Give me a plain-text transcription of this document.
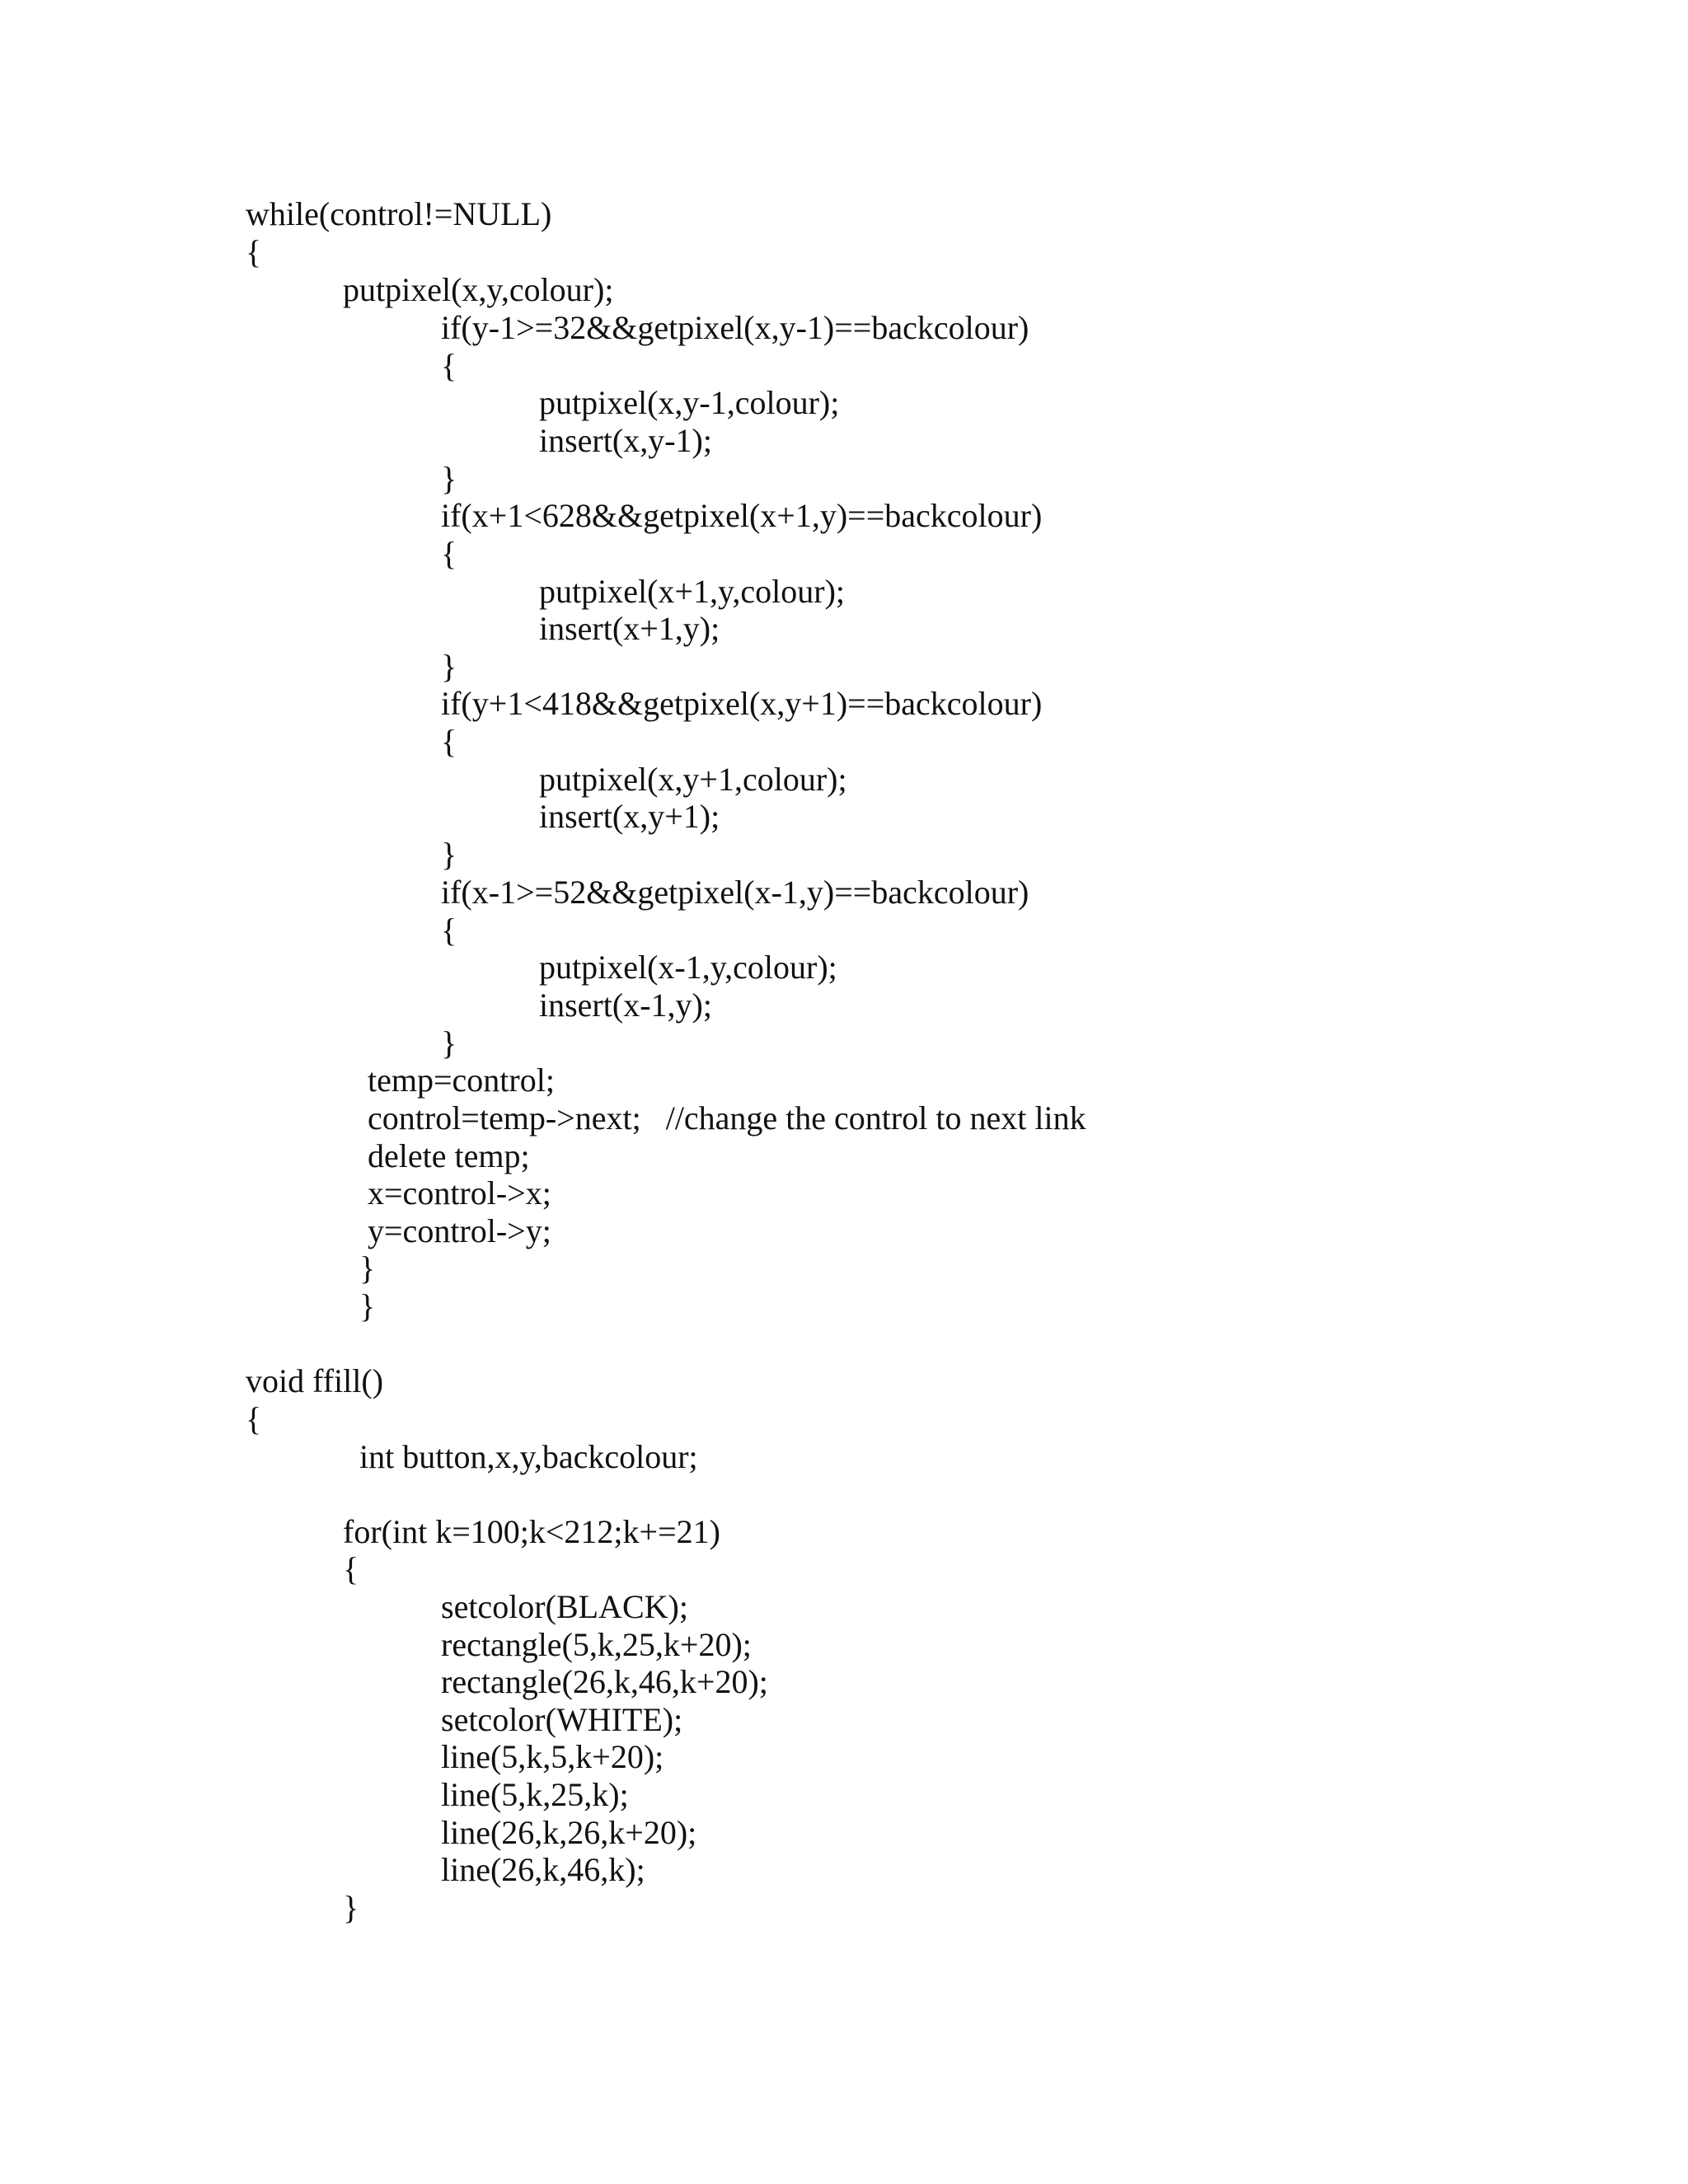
while(control!=NULL)

{

putpixel(x,y,colour);

if(y-1>=32&&getpixel(x,y-1)==backcolour)

{

putpixel(x,y-1,colour);

insert(x,y-1);

}

if(x+1<628&&getpixel(x+1,y)==backcolour)

{

putpixel(x+1,y,colour);

insert(x+1,y);

}

if(y+1<418&&getpixel(x,y+1)==backcolour)

{

putpixel(x,y+1,colour);

insert(x,y+1);

}

if(x-1>=52&&getpixel(x-1,y)==backcolour)

{

putpixel(x-1,y,colour);

insert(x-1,y);

}

temp=control;

control=temp->next;   //change the control to next link

delete temp;

x=control->x;

y=control->y;

}

}

void ffill()

{

int button,x,y,backcolour;

for(int k=100;k<212;k+=21)

{

setcolor(BLACK);

rectangle(5,k,25,k+20);

rectangle(26,k,46,k+20);

setcolor(WHITE);

line(5,k,5,k+20);

line(5,k,25,k);

line(26,k,26,k+20);

line(26,k,46,k);

}
